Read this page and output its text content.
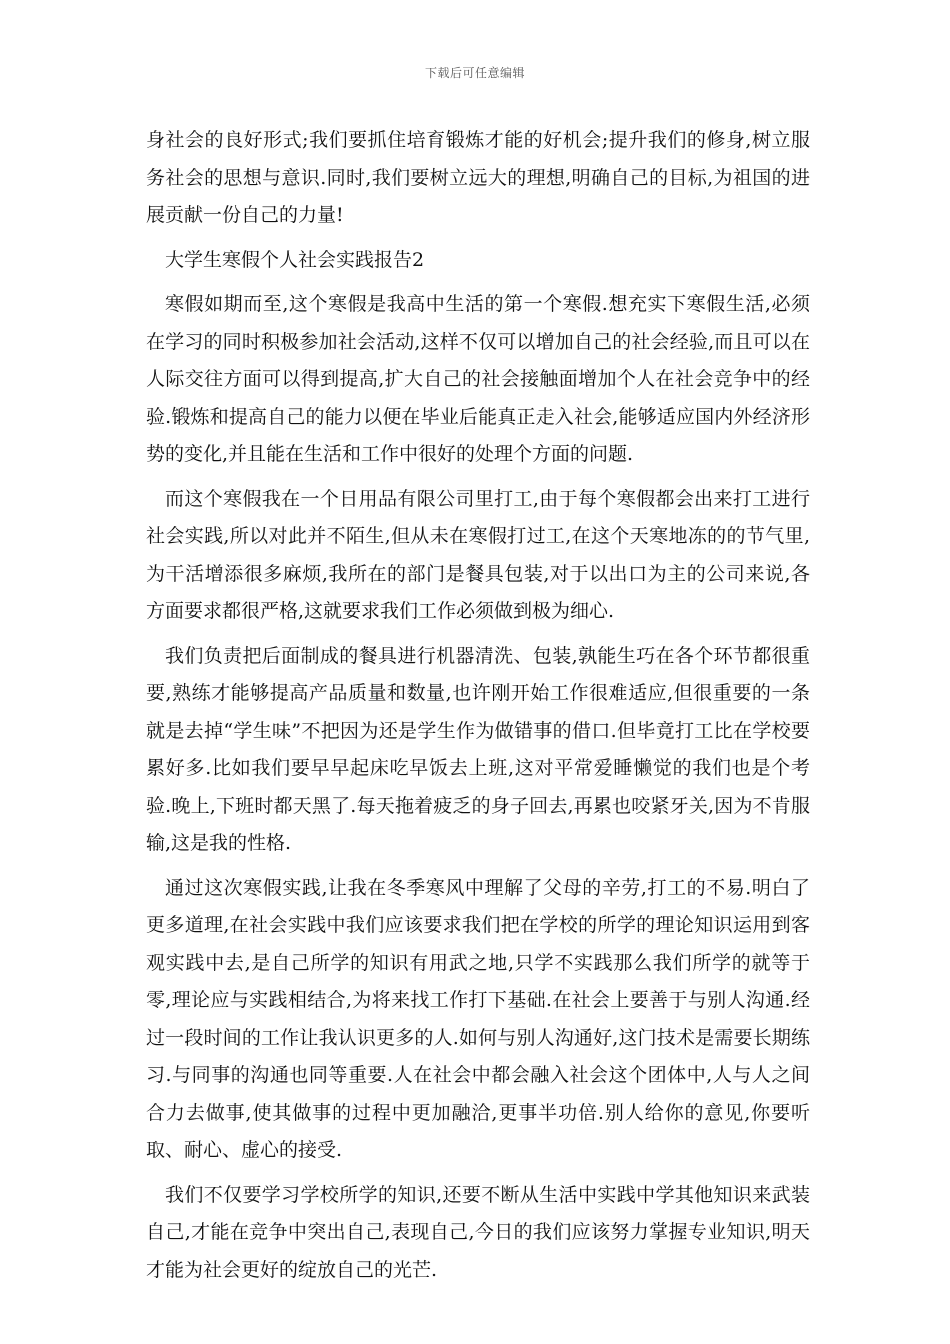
下载后可任意编辑

身社会的良好形式;我们要抓住培育锻炼才能的好机会;提升我们的修身,树立服务社会的思想与意识.同时,我们要树立远大的理想,明确自己的目标,为祖国的进展贡献一份自己的力量!

大学生寒假个人社会实践报告2

寒假如期而至,这个寒假是我高中生活的第一个寒假.想充实下寒假生活,必须在学习的同时积极参加社会活动,这样不仅可以增加自己的社会经验,而且可以在人际交往方面可以得到提高,扩大自己的社会接触面增加个人在社会竞争中的经验.锻炼和提高自己的能力以便在毕业后能真正走入社会,能够适应国内外经济形势的变化,并且能在生活和工作中很好的处理个方面的问题.

而这个寒假我在一个日用品有限公司里打工,由于每个寒假都会出来打工进行社会实践,所以对此并不陌生,但从未在寒假打过工,在这个天寒地冻的的节气里,为干活增添很多麻烦,我所在的部门是餐具包装,对于以出口为主的公司来说,各方面要求都很严格,这就要求我们工作必须做到极为细心.

我们负责把后面制成的餐具进行机器清洗、包装,孰能生巧在各个环节都很重要,熟练才能够提高产品质量和数量,也许刚开始工作很难适应,但很重要的一条就是去掉“学生味”不把因为还是学生作为做错事的借口.但毕竟打工比在学校要累好多.比如我们要早早起床吃早饭去上班,这对平常爱睡懒觉的我们也是个考验.晚上,下班时都天黑了.每天拖着疲乏的身子回去,再累也咬紧牙关,因为不肯服输,这是我的性格.

通过这次寒假实践,让我在冬季寒风中理解了父母的辛劳,打工的不易.明白了更多道理,在社会实践中我们应该要求我们把在学校的所学的理论知识运用到客观实践中去,是自己所学的知识有用武之地,只学不实践那么我们所学的就等于零,理论应与实践相结合,为将来找工作打下基础.在社会上要善于与别人沟通.经过一段时间的工作让我认识更多的人.如何与别人沟通好,这门技术是需要长期练习.与同事的沟通也同等重要.人在社会中都会融入社会这个团体中,人与人之间合力去做事,使其做事的过程中更加融洽,更事半功倍.别人给你的意见,你要听取、耐心、虚心的接受.

我们不仅要学习学校所学的知识,还要不断从生活中实践中学其他知识来武装自己,才能在竞争中突出自己,表现自己,今日的我们应该努力掌握专业知识,明天才能为社会更好的绽放自己的光芒.
